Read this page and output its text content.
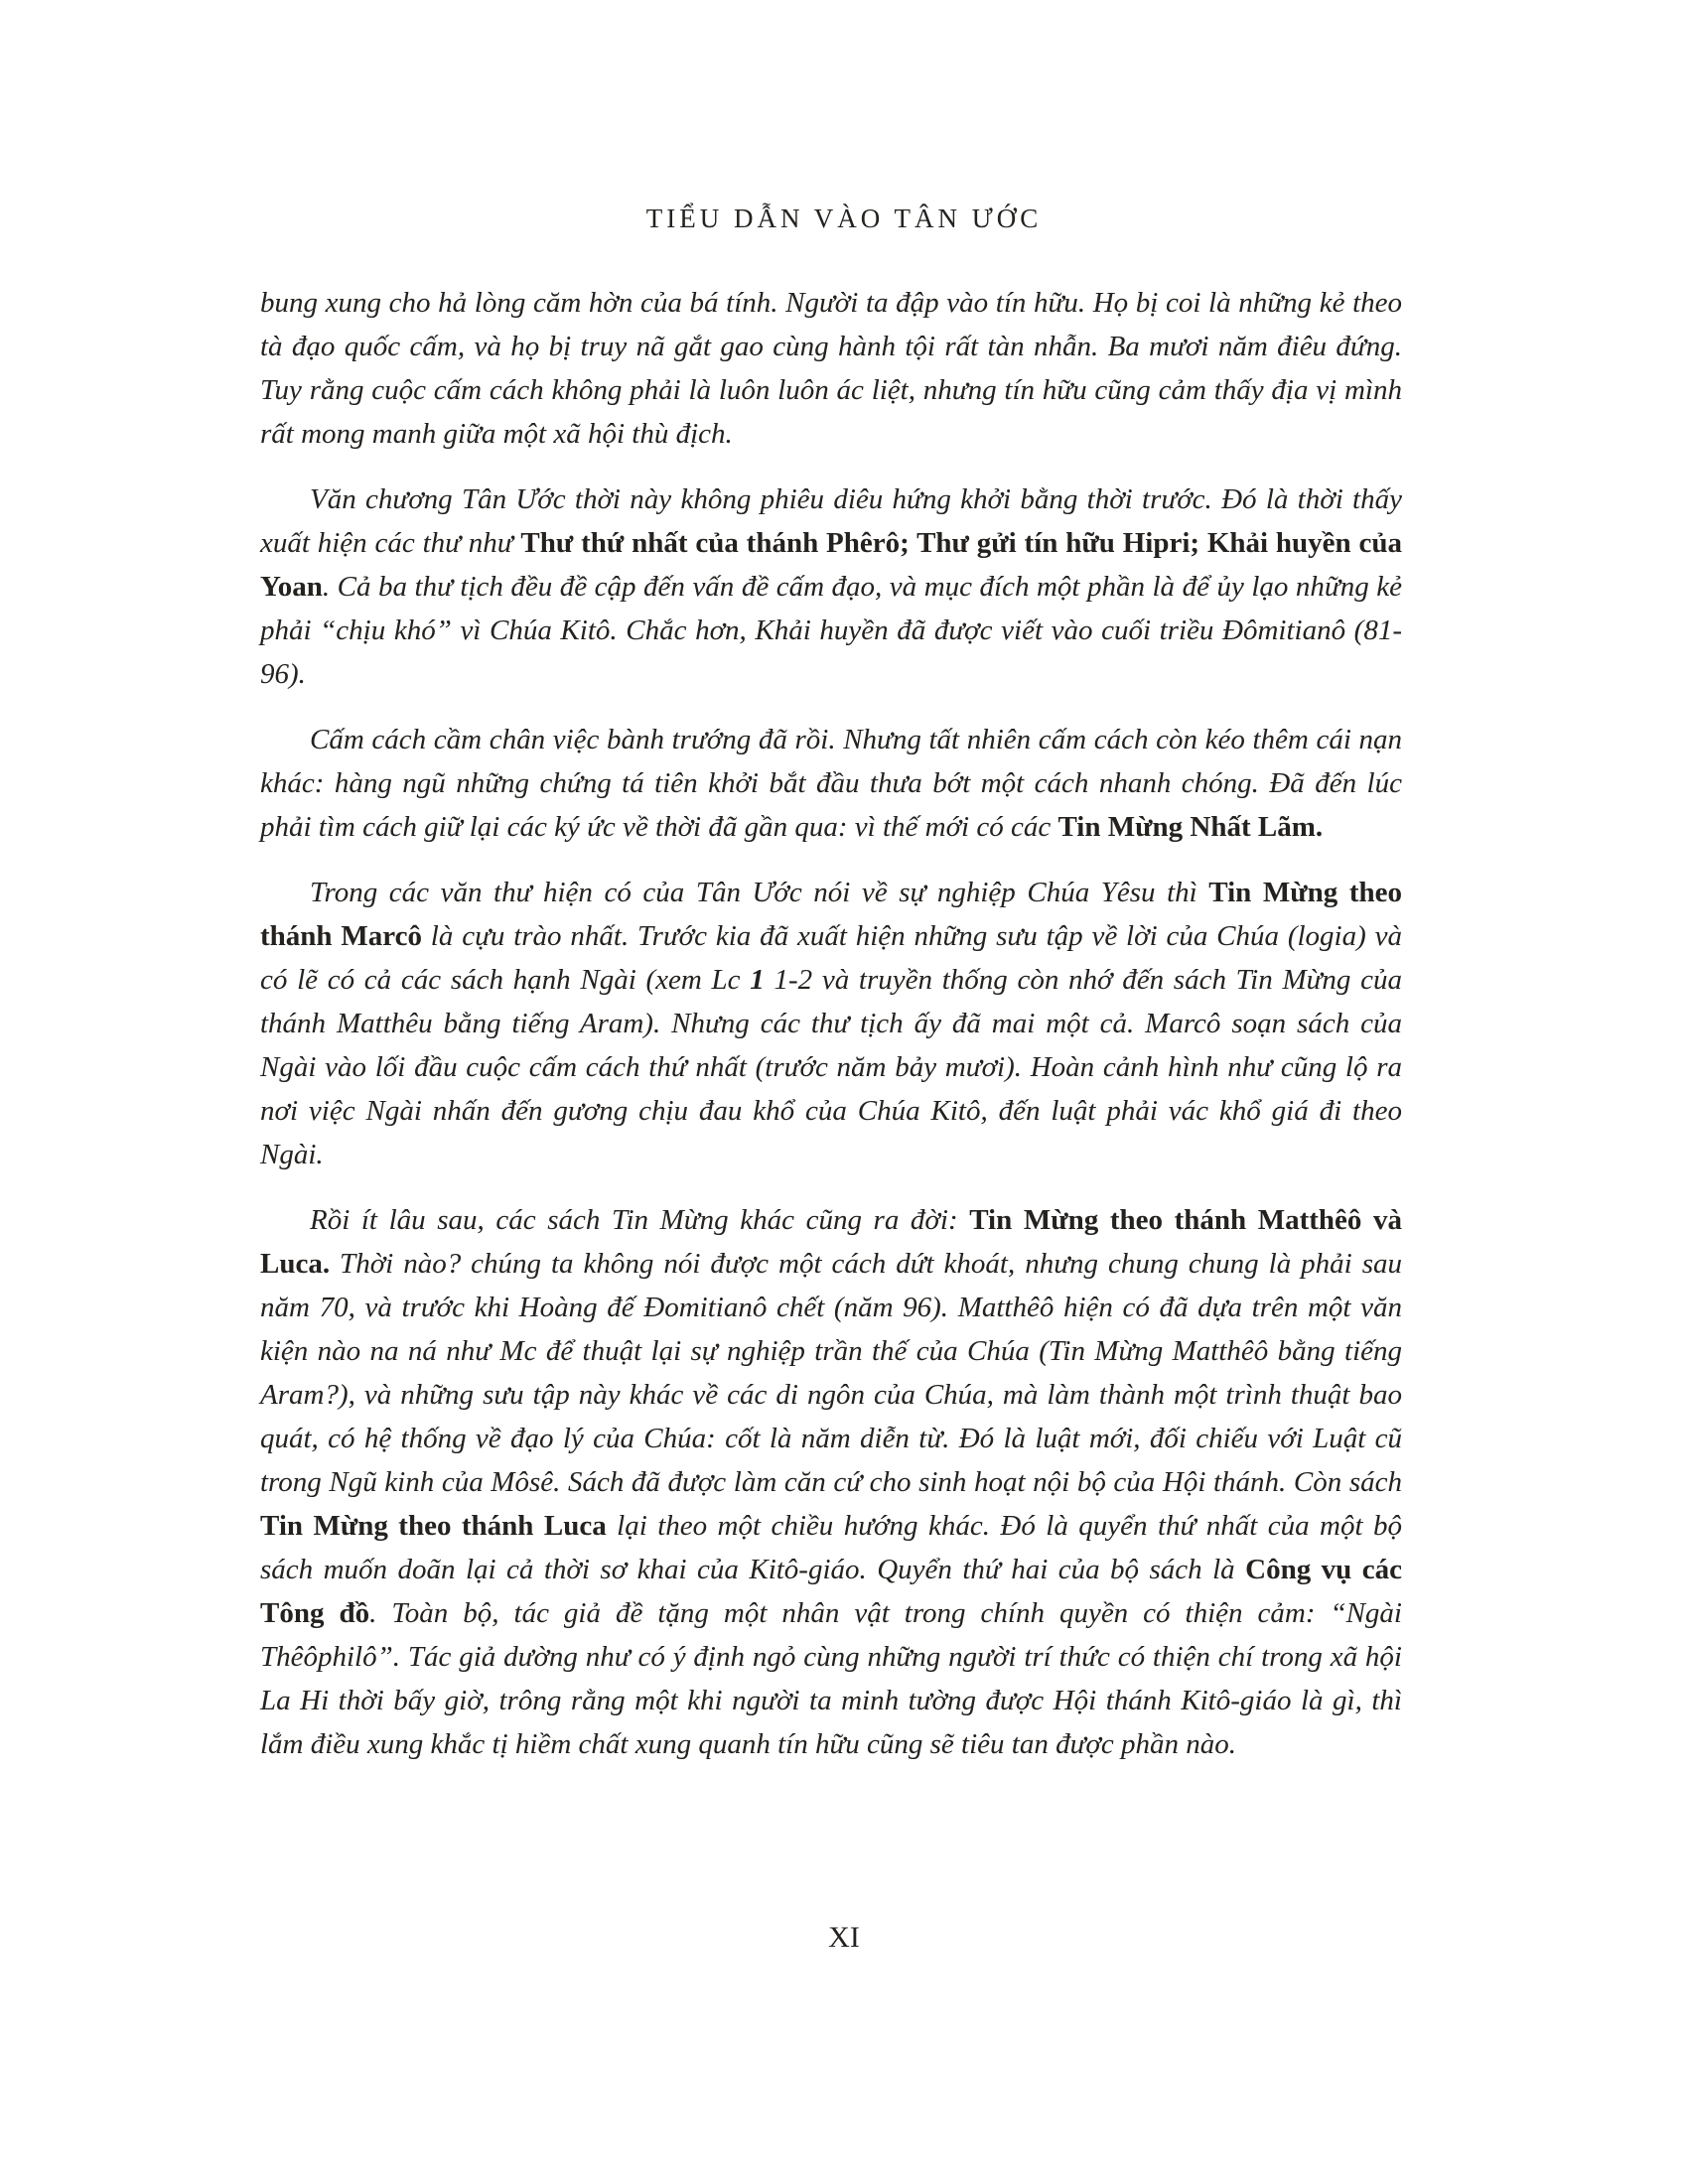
TIỂU DẪN VÀO TÂN ƯỚC

bung xung cho hả lòng căm hờn của bá tính. Người ta đập vào tín hữu. Họ bị coi là những kẻ theo tà đạo quốc cấm, và họ bị truy nã gắt gao cùng hành tội rất tàn nhẫn. Ba mươi năm điêu đứng. Tuy rằng cuộc cấm cách không phải là luôn luôn ác liệt, nhưng tín hữu cũng cảm thấy địa vị mình rất mong manh giữa một xã hội thù địch.

Văn chương Tân Ước thời này không phiêu diêu hứng khởi bằng thời trước. Đó là thời thấy xuất hiện các thư như Thư thứ nhất của thánh Phêrô; Thư gửi tín hữu Hipri; Khải huyền của Yoan. Cả ba thư tịch đều đề cập đến vấn đề cấm đạo, và mục đích một phần là để ủy lạo những kẻ phải “chịu khó” vì Chúa Kitô. Chắc hơn, Khải huyền đã được viết vào cuối triều Đômitianô (81-96).

Cấm cách cầm chân việc bành trướng đã rồi. Nhưng tất nhiên cấm cách còn kéo thêm cái nạn khác: hàng ngũ những chứng tá tiên khởi bắt đầu thưa bớt một cách nhanh chóng. Đã đến lúc phải tìm cách giữ lại các ký ức về thời đã gần qua: vì thế mới có các Tin Mừng Nhất Lãm.

Trong các văn thư hiện có của Tân Ước nói về sự nghiệp Chúa Yêsu thì Tin Mừng theo thánh Marcô là cựu trào nhất. Trước kia đã xuất hiện những sưu tập về lời của Chúa (logia) và có lẽ có cả các sách hạnh Ngài (xem Lc 1 1-2 và truyền thống còn nhớ đến sách Tin Mừng của thánh Matthêu bằng tiếng Aram). Nhưng các thư tịch ấy đã mai một cả. Marcô soạn sách của Ngài vào lối đầu cuộc cấm cách thứ nhất (trước năm bảy mươi). Hoàn cảnh hình như cũng lộ ra nơi việc Ngài nhấn đến gương chịu đau khổ của Chúa Kitô, đến luật phải vác khổ giá đi theo Ngài.

Rồi ít lâu sau, các sách Tin Mừng khác cũng ra đời: Tin Mừng theo thánh Matthêô và Luca. Thời nào? chúng ta không nói được một cách dứt khoát, nhưng chung chung là phải sau năm 70, và trước khi Hoàng đế Đomitianô chết (năm 96). Matthêô hiện có đã dựa trên một văn kiện nào na ná như Mc để thuật lại sự nghiệp trần thế của Chúa (Tin Mừng Matthêô bằng tiếng Aram?), và những sưu tập này khác về các di ngôn của Chúa, mà làm thành một trình thuật bao quát, có hệ thống về đạo lý của Chúa: cốt là năm diễn từ. Đó là luật mới, đối chiếu với Luật cũ trong Ngũ kinh của Môsê. Sách đã được làm căn cứ cho sinh hoạt nội bộ của Hội thánh. Còn sách Tin Mừng theo thánh Luca lại theo một chiều hướng khác. Đó là quyển thứ nhất của một bộ sách muốn doãn lại cả thời sơ khai của Kitô-giáo. Quyển thứ hai của bộ sách là Công vụ các Tông đồ. Toàn bộ, tác giả đề tặng một nhân vật trong chính quyền có thiện cảm: “Ngài Thêôphilô”. Tác giả dường như có ý định ngỏ cùng những người trí thức có thiện chí trong xã hội La Hi thời bấy giờ, trông rằng một khi người ta minh tường được Hội thánh Kitô-giáo là gì, thì lắm điều xung khắc tị hiềm chất xung quanh tín hữu cũng sẽ tiêu tan được phần nào.

XI
